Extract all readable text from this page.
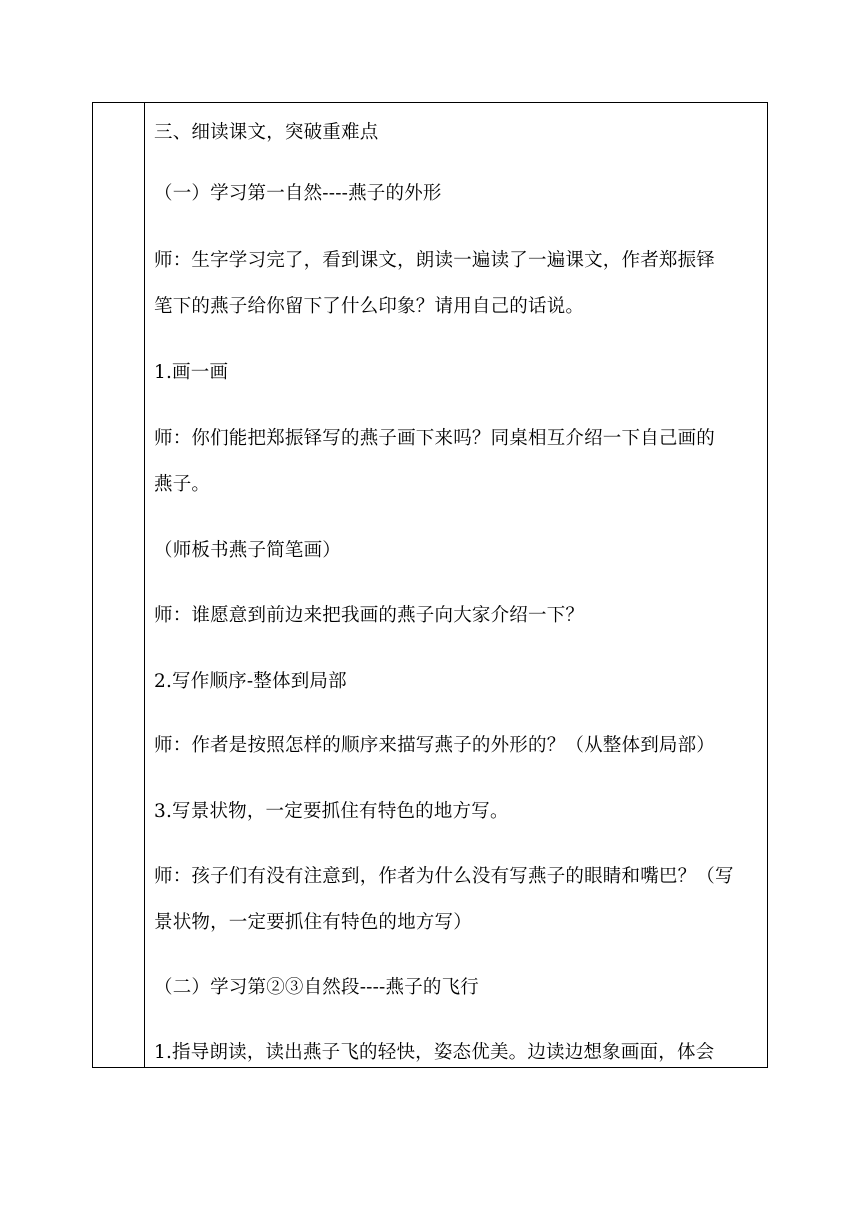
三、细读课文，突破重难点
（一）学习第一自然----燕子的外形
师：生字学习完了，看到课文，朗读一遍读了一遍课文，作者郑振铎
笔下的燕子给你留下了什么印象？请用自己的话说。
1.画一画
师：你们能把郑振铎写的燕子画下来吗？同桌相互介绍一下自己画的
燕子。
（师板书燕子简笔画）
师：谁愿意到前边来把我画的燕子向大家介绍一下？
2.写作顺序-整体到局部
师：作者是按照怎样的顺序来描写燕子的外形的？（从整体到局部）
3.写景状物，一定要抓住有特色的地方写。
师：孩子们有没有注意到，作者为什么没有写燕子的眼睛和嘴巴？（写
景状物，一定要抓住有特色的地方写）
（二）学习第②③自然段----燕子的飞行
1.指导朗读，读出燕子飞的轻快，姿态优美。边读边想象画面，体会
